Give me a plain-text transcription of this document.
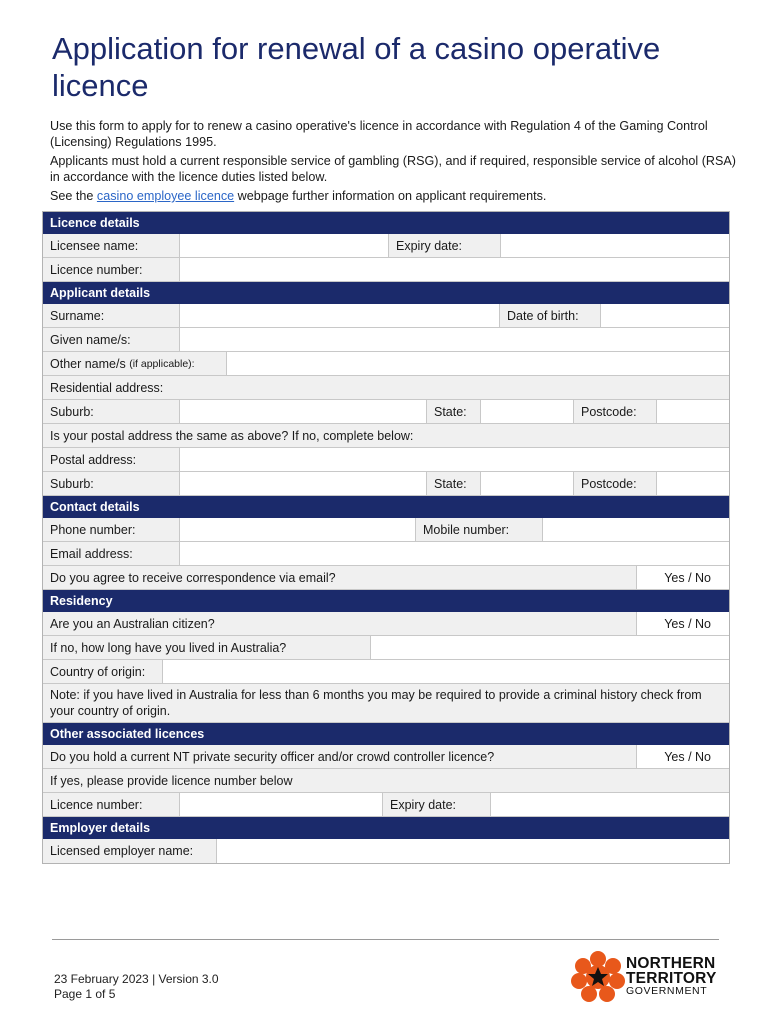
Application for renewal of a casino operative licence

Use this form to apply for to renew a casino operative's licence in accordance with Regulation 4 of the Gaming Control (Licensing) Regulations 1995.

Applicants must hold a current responsible service of gambling (RSG), and if required, responsible service of alcohol (RSA) in accordance with the licence duties listed below.

See the casino employee licence webpage further information on applicant requirements.

Licence details
Licensee name:	Expiry date:
Licence number:
Applicant details
Surname:	Date of birth:
Given name/s:
Other name/s
(if applicable):
Residential address:
Suburb:	State:	Postcode:
Is your postal address the same as above? If no, complete below:
Postal address:
Suburb:	State:	Postcode:
Contact details
Phone number:	Mobile number:
Email address:
Do you agree to receive correspondence via email?	Yes / No
Residency
Are you an Australian citizen?	Yes / No
If no, how long have you lived in Australia?
Country of origin:
Note: if you have lived in Australia for less than 6 months you may be required to provide a criminal history check from your country of origin.
Other associated licences
Do you hold a current NT private security officer and/or crowd controller licence?	Yes / No
If yes, please provide licence number below
Licence number:	Expiry date:
Employer details
Licensed employer name:
23 February 2023 | Version 3.0
Page 1 of 5
NORTHERN
TERRITORY
GOVERNMENT
